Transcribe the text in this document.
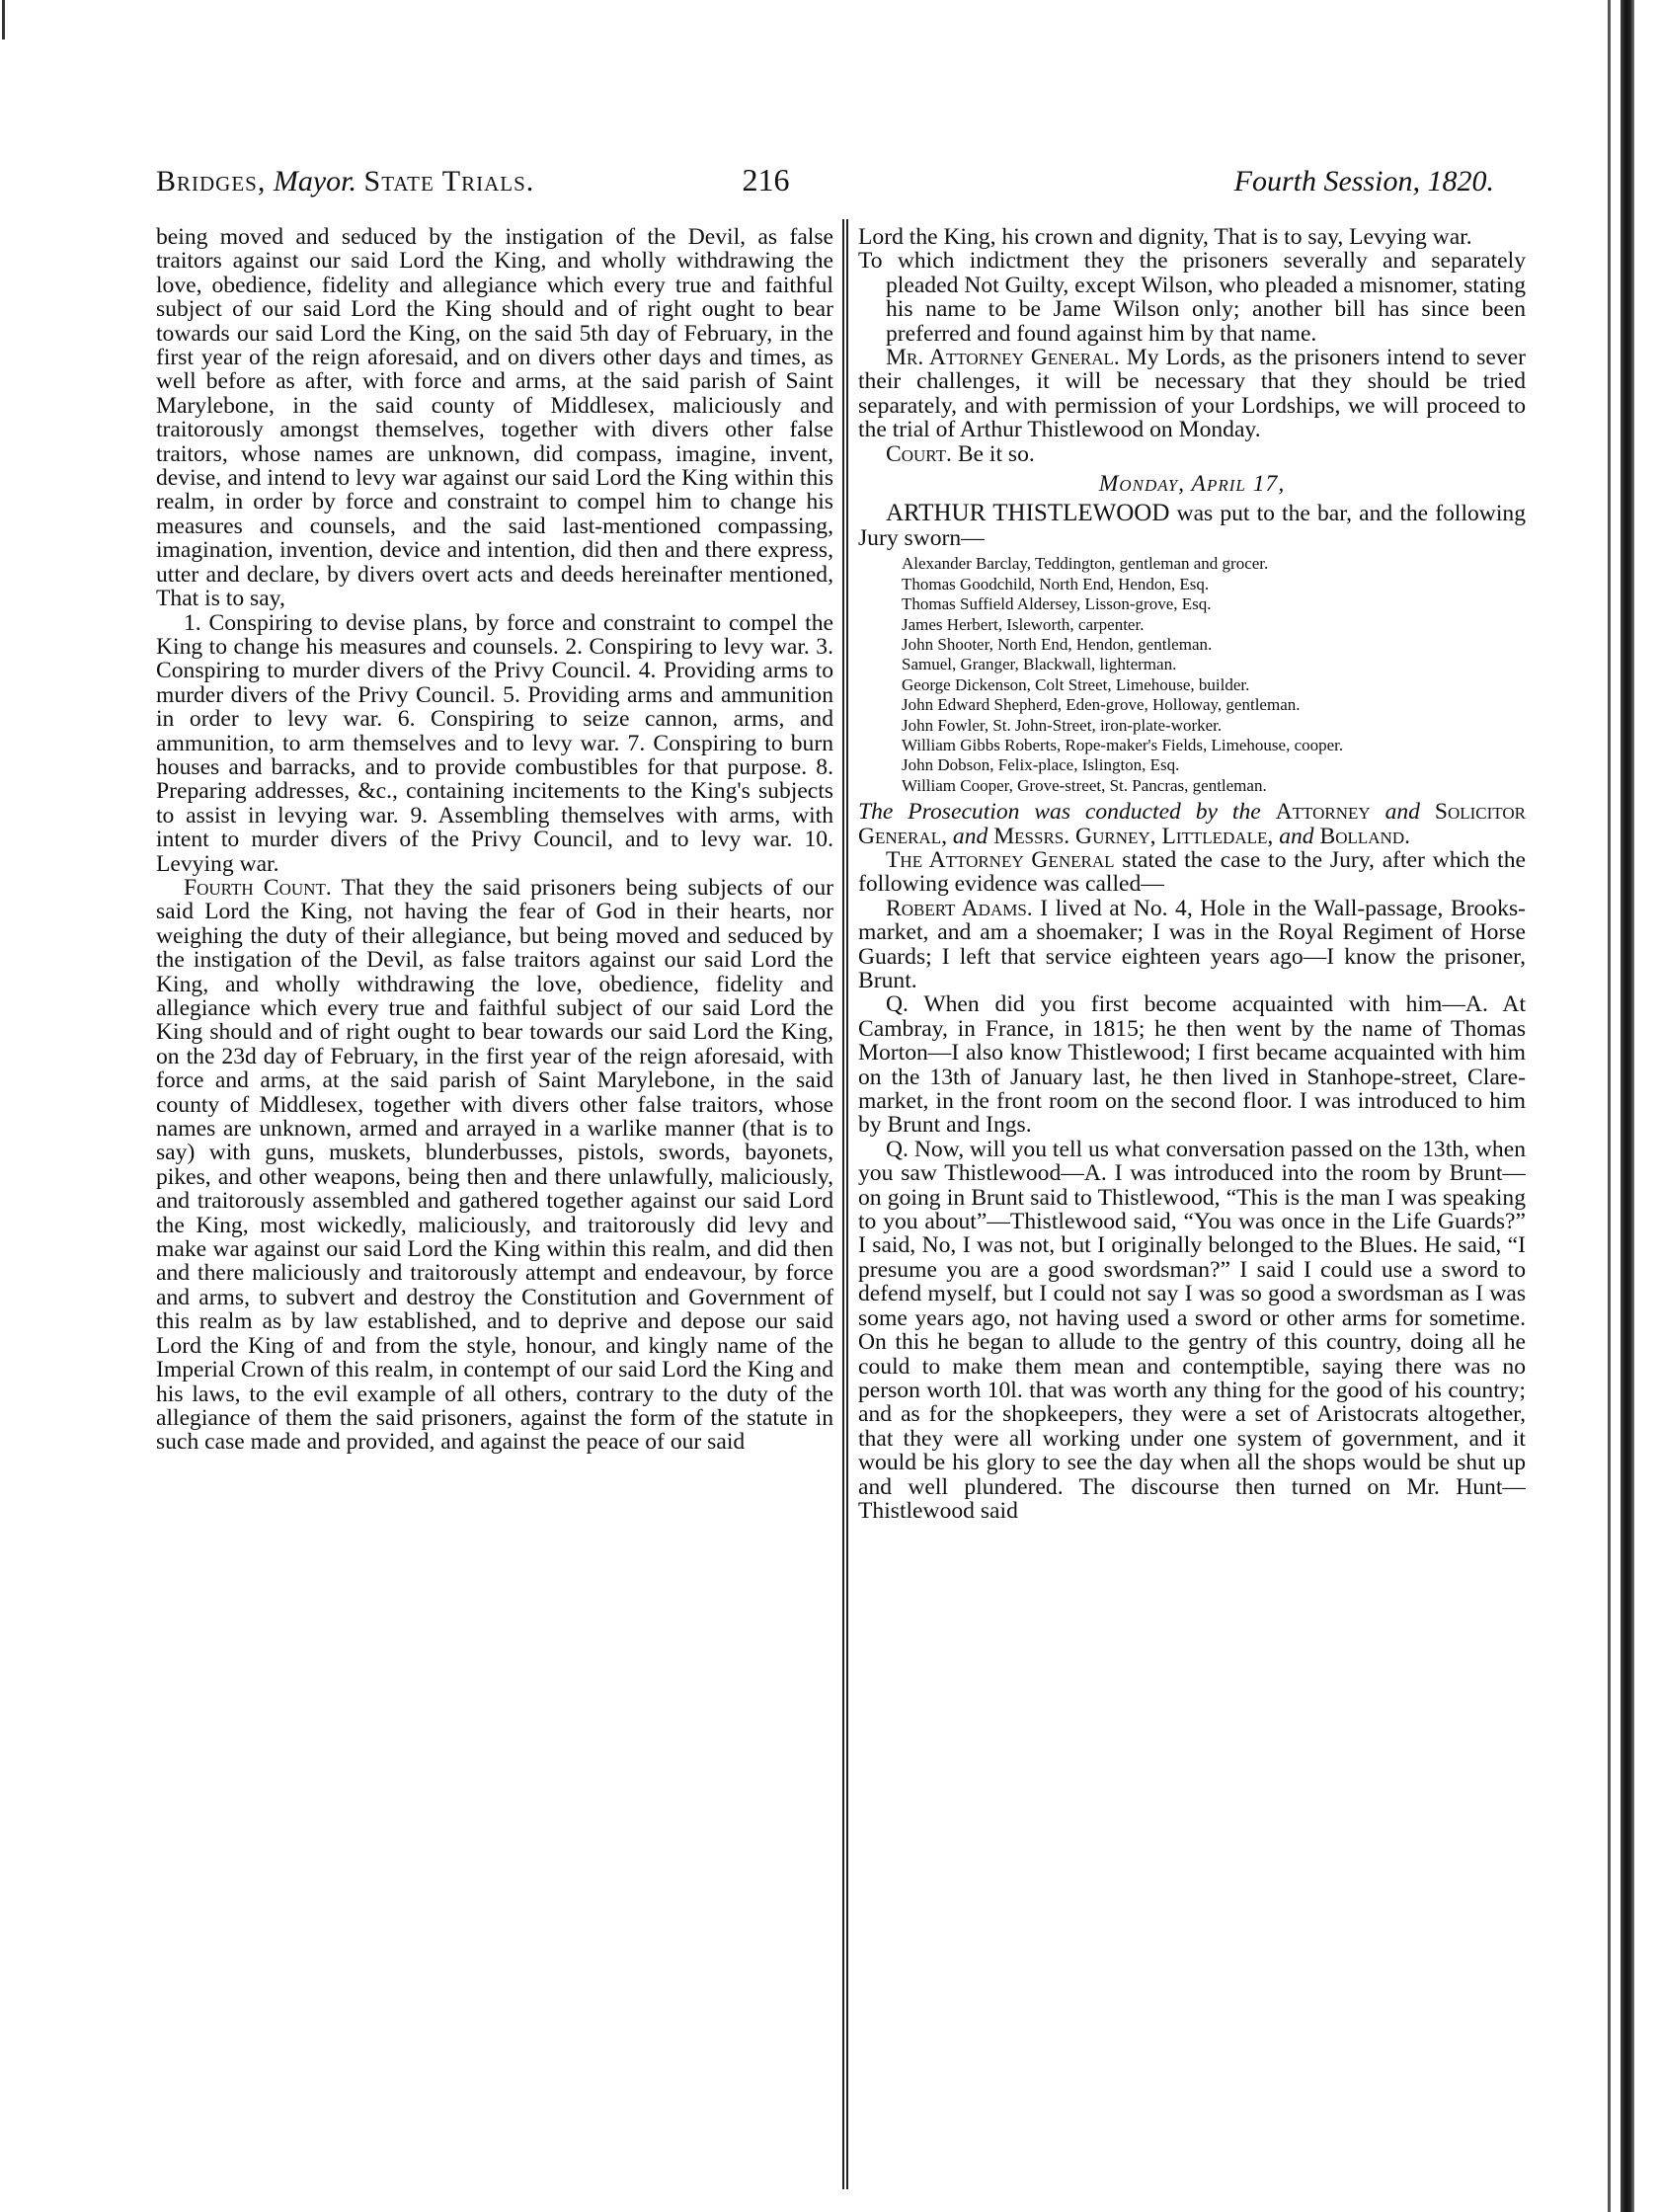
Bridges, Mayor. State Trials.	216	Fourth Session, 1820.

being moved and seduced by the instigation of the Devil, as false traitors against our said Lord the King, and wholly withdrawing the love, obedience, fidelity and allegiance which every true and faithful subject of our said Lord the King should and of right ought to bear towards our said Lord the King, on the said 5th day of February, in the first year of the reign aforesaid, and on divers other days and times, as well before as after, with force and arms, at the said parish of Saint Marylebone, in the said county of Middlesex, maliciously and traitorously amongst themselves, together with divers other false traitors, whose names are unknown, did compass, imagine, invent, devise, and intend to levy war against our said Lord the King within this realm, in order by force and constraint to compel him to change his measures and counsels, and the said last-mentioned compassing, imagination, invention, device and intention, did then and there express, utter and declare, by divers overt acts and deeds hereinafter mentioned, That is to say,

1. Conspiring to devise plans, by force and constraint to compel the King to change his measures and counsels. 2. Conspiring to levy war. 3. Conspiring to murder divers of the Privy Council. 4. Providing arms to murder divers of the Privy Council. 5. Providing arms and ammunition in order to levy war. 6. Conspiring to seize cannon, arms, and ammunition, to arm themselves and to levy war. 7. Conspiring to burn houses and barracks, and to provide combustibles for that purpose. 8. Preparing addresses, &c., containing incitements to the King's subjects to assist in levying war. 9. Assembling themselves with arms, with intent to murder divers of the Privy Council, and to levy war. 10. Levying war.

Fourth Count. That they the said prisoners being subjects of our said Lord the King, not having the fear of God in their hearts, nor weighing the duty of their allegiance, but being moved and seduced by the instigation of the Devil, as false traitors against our said Lord the King, and wholly withdrawing the love, obedience, fidelity and allegiance which every true and faithful subject of our said Lord the King should and of right ought to bear towards our said Lord the King, on the 23d day of February, in the first year of the reign aforesaid, with force and arms, at the said parish of Saint Marylebone, in the said county of Middlesex, together with divers other false traitors, whose names are unknown, armed and arrayed in a warlike manner (that is to say) with guns, muskets, blunderbusses, pistols, swords, bayonets, pikes, and other weapons, being then and there unlawfully, maliciously, and traitorously assembled and gathered together against our said Lord the King, most wickedly, maliciously, and traitorously did levy and make war against our said Lord the King within this realm, and did then and there maliciously and traitorously attempt and endeavour, by force and arms, to subvert and destroy the Constitution and Government of this realm as by law established, and to deprive and depose our said Lord the King of and from the style, honour, and kingly name of the Imperial Crown of this realm, in contempt of our said Lord the King and his laws, to the evil example of all others, contrary to the duty of the allegiance of them the said prisoners, against the form of the statute in such case made and provided, and against the peace of our said

Lord the King, his crown and dignity, That is to say, Levying war.

To which indictment they the prisoners severally and separately pleaded Not Guilty, except Wilson, who pleaded a misnomer, stating his name to be Jame Wilson only; another bill has since been preferred and found against him by that name.

Mr. Attorney General. My Lords, as the prisoners intend to sever their challenges, it will be necessary that they should be tried separately, and with permission of your Lordships, we will proceed to the trial of Arthur Thistlewood on Monday.

Court. Be it so.

Monday, April 17,

ARTHUR THISTLEWOOD was put to the bar, and the following Jury sworn—

Alexander Barclay, Teddington, gentleman and grocer.
Thomas Goodchild, North End, Hendon, Esq.
Thomas Suffield Aldersey, Lisson-grove, Esq.
James Herbert, Isleworth, carpenter.
John Shooter, North End, Hendon, gentleman.
Samuel, Granger, Blackwall, lighterman.
George Dickenson, Colt Street, Limehouse, builder.
John Edward Shepherd, Eden-grove, Holloway, gentleman.
John Fowler, St. John-Street, iron-plate-worker.
William Gibbs Roberts, Rope-maker's Fields, Limehouse, cooper.
John Dobson, Felix-place, Islington, Esq.
William Cooper, Grove-street, St. Pancras, gentleman.

The Prosecution was conducted by the Attorney and Solicitor General, and Messrs. Gurney, Littledale, and Bolland.

The Attorney General stated the case to the Jury, after which the following evidence was called—

Robert Adams. I lived at No. 4, Hole in the Wall-passage, Brooks-market, and am a shoemaker; I was in the Royal Regiment of Horse Guards; I left that service eighteen years ago—I know the prisoner, Brunt.

Q. When did you first become acquainted with him—A. At Cambray, in France, in 1815; he then went by the name of Thomas Morton—I also know Thistlewood; I first became acquainted with him on the 13th of January last, he then lived in Stanhope-street, Clare-market, in the front room on the second floor. I was introduced to him by Brunt and Ings.

Q. Now, will you tell us what conversation passed on the 13th, when you saw Thistlewood—A. I was introduced into the room by Brunt—on going in Brunt said to Thistlewood, “This is the man I was speaking to you about”—Thistlewood said, “You was once in the Life Guards?” I said, No, I was not, but I originally belonged to the Blues. He said, “I presume you are a good swordsman?” I said I could use a sword to defend myself, but I could not say I was so good a swordsman as I was some years ago, not having used a sword or other arms for sometime. On this he began to allude to the gentry of this country, doing all he could to make them mean and contemptible, saying there was no person worth 10l. that was worth any thing for the good of his country; and as for the shopkeepers, they were a set of Aristocrats altogether, that they were all working under one system of government, and it would be his glory to see the day when all the shops would be shut up and well plundered. The discourse then turned on Mr. Hunt—Thistlewood said
